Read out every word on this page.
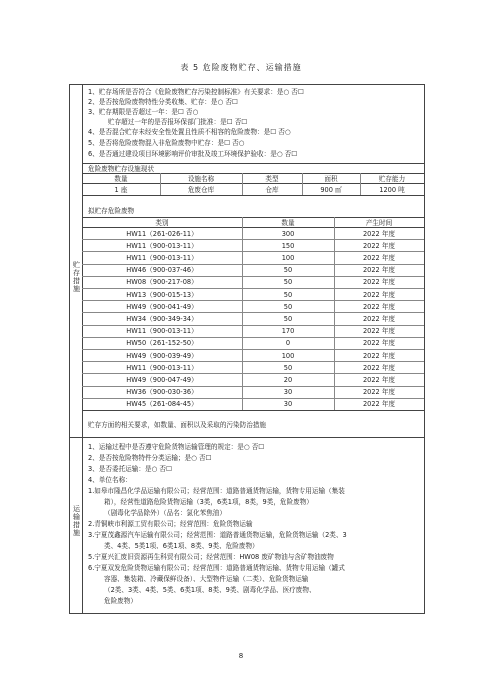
表 5 危险废物贮存、运输措施
贮存措施
运输措施
1、贮存场所是否符合《危险废物贮存污染控制标准》有关要求：是○ 否☐
2、是否按危险废物特性分类收集、贮存：是○ 否☐
3、贮存期限是否超过一年：是☐ 否○
贮存超过一年的是否报环保部门批准：是☐ 否☐
4、是否混合贮存未经安全性处置且性质不相容的危险废物：是☐ 否○
5、是否将危险废物混入非危险废物中贮存：是☐ 否○
6、是否通过建设项目环境影响评价审批及竣工环境保护验收：是○ 否☐
危险废物贮存设施现状
数量	设施名称	类型	面积	贮存能力
1 座	危废仓库	仓库	900 ㎡	1200 吨
拟贮存危险废物
类别	数量	产生时间
HW11（261-026-11）	300	2022 年度
HW11（900-013-11）	150	2022 年度
HW11（900-013-11）	100	2022 年度
HW46（900-037-46）	50	2022 年度
HW08（900-217-08）	50	2022 年度
HW13（900-015-13）	50	2022 年度
HW49（900-041-49）	50	2022 年度
HW34（900-349-34）	50	2022 年度
HW11（900-013-11）	170	2022 年度
HW50（261-152-50）	0	2022 年度
HW49（900-039-49）	100	2022 年度
HW11（900-013-11）	50	2022 年度
HW49（900-047-49）	20	2022 年度
HW36（900-030-36）	30	2022 年度
HW45（261-084-45）	30	2022 年度
贮存方面的相关要求，如数量、面积以及采取的污染防治措施
1、运输过程中是否遵守危险货物运输管理的规定：是○ 否☐
2、是否按危险物特件分类运输；是○ 否☐
3、是否委托运输：是○ 否☐
4、单位名称：
1.如皋市隆昌化学品运输有限公司；经营范围：道路普通货物运输，货物专用运输（集装
箱），经营性道路危险货物运输（3类，6类1项，8类，9类，危险废物）
（剧毒化学品除外）（品名：氯化苯焦油）
2.青铜峡市利源工贸有限公司；经营范围：危险货物运输
3.宁夏茂鑫源汽车运输有限公司；经营范围：道路普通货物运输，危险货物运输（2类、3
类、4类、5类1项、6类1项、8类、9类、危险废物）
5.宁夏兴汇废旧资源再生科贸有限公司；经营范围：HW08 废矿物油与含矿物油废物
6.宁夏双发危险货物运输有限公司；经营范围：道路普通货物运输、货物专用运输（罐式
容器、集装箱、冷藏保鲜设备）、大型物件运输（二类）、危险货物运输
（2类、3类、4类、5类、6类1项、8类、9类、剧毒化学品、医疗废物、
危险废物）
8
